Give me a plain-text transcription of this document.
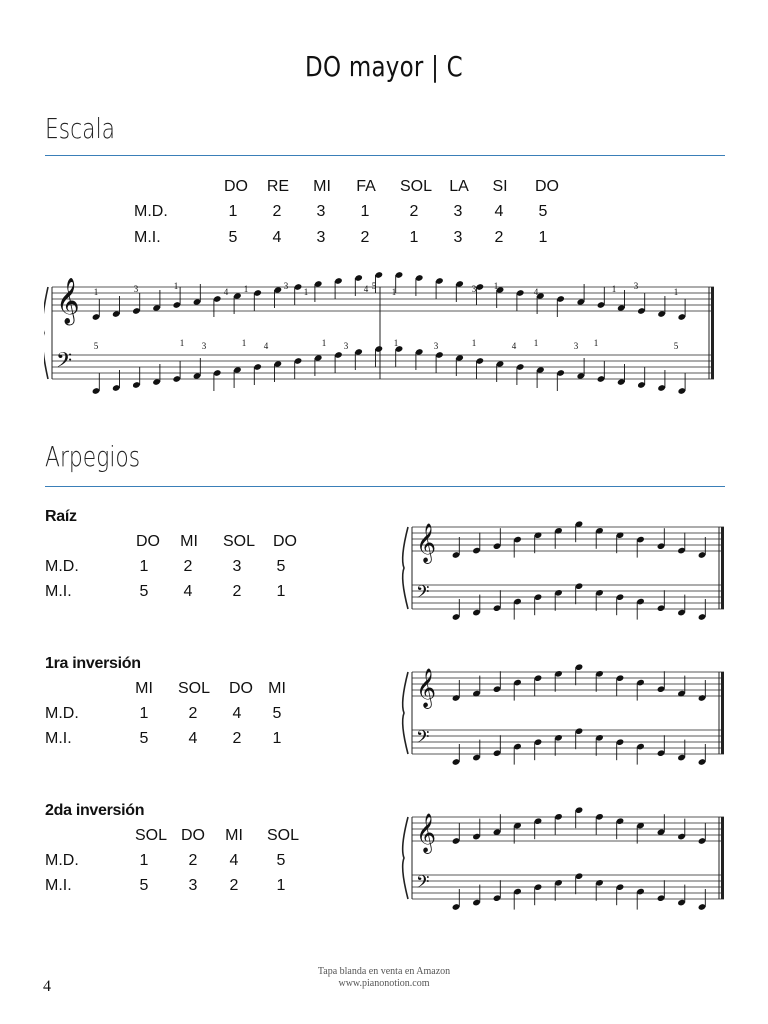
DO mayor | C
Escala
DO	RE	MI	FA	SOL	LA	SI	DO
M.D.	1	2	3	1	2	3	4	5
M.I.	5	4	3	2	1	3	2	1
𝄞
𝄢
1	3	1
4 1	3
1	4 5
1	3 1
4	1 3
1
5	1 3	1 4	1 3	1	3	1	4 1	3 1	5
Arpegios
Raíz
DO	MI	SOL	DO
M.D.	1	2	3	5
M.I.	5	4	2	1
1ra inversión
MI	SOL	DO MI
M.D.	1	2	4	5
M.I.	5	4	2	1
2da inversión
SOL DO	MI	SOL
M.D.	1	2	4	5
M.I.	5	3	2	1
𝄞
𝄢
𝄞
𝄢
𝄞
𝄢
4
Tapa blanda en venta en Amazon
www.pianonotion.com
